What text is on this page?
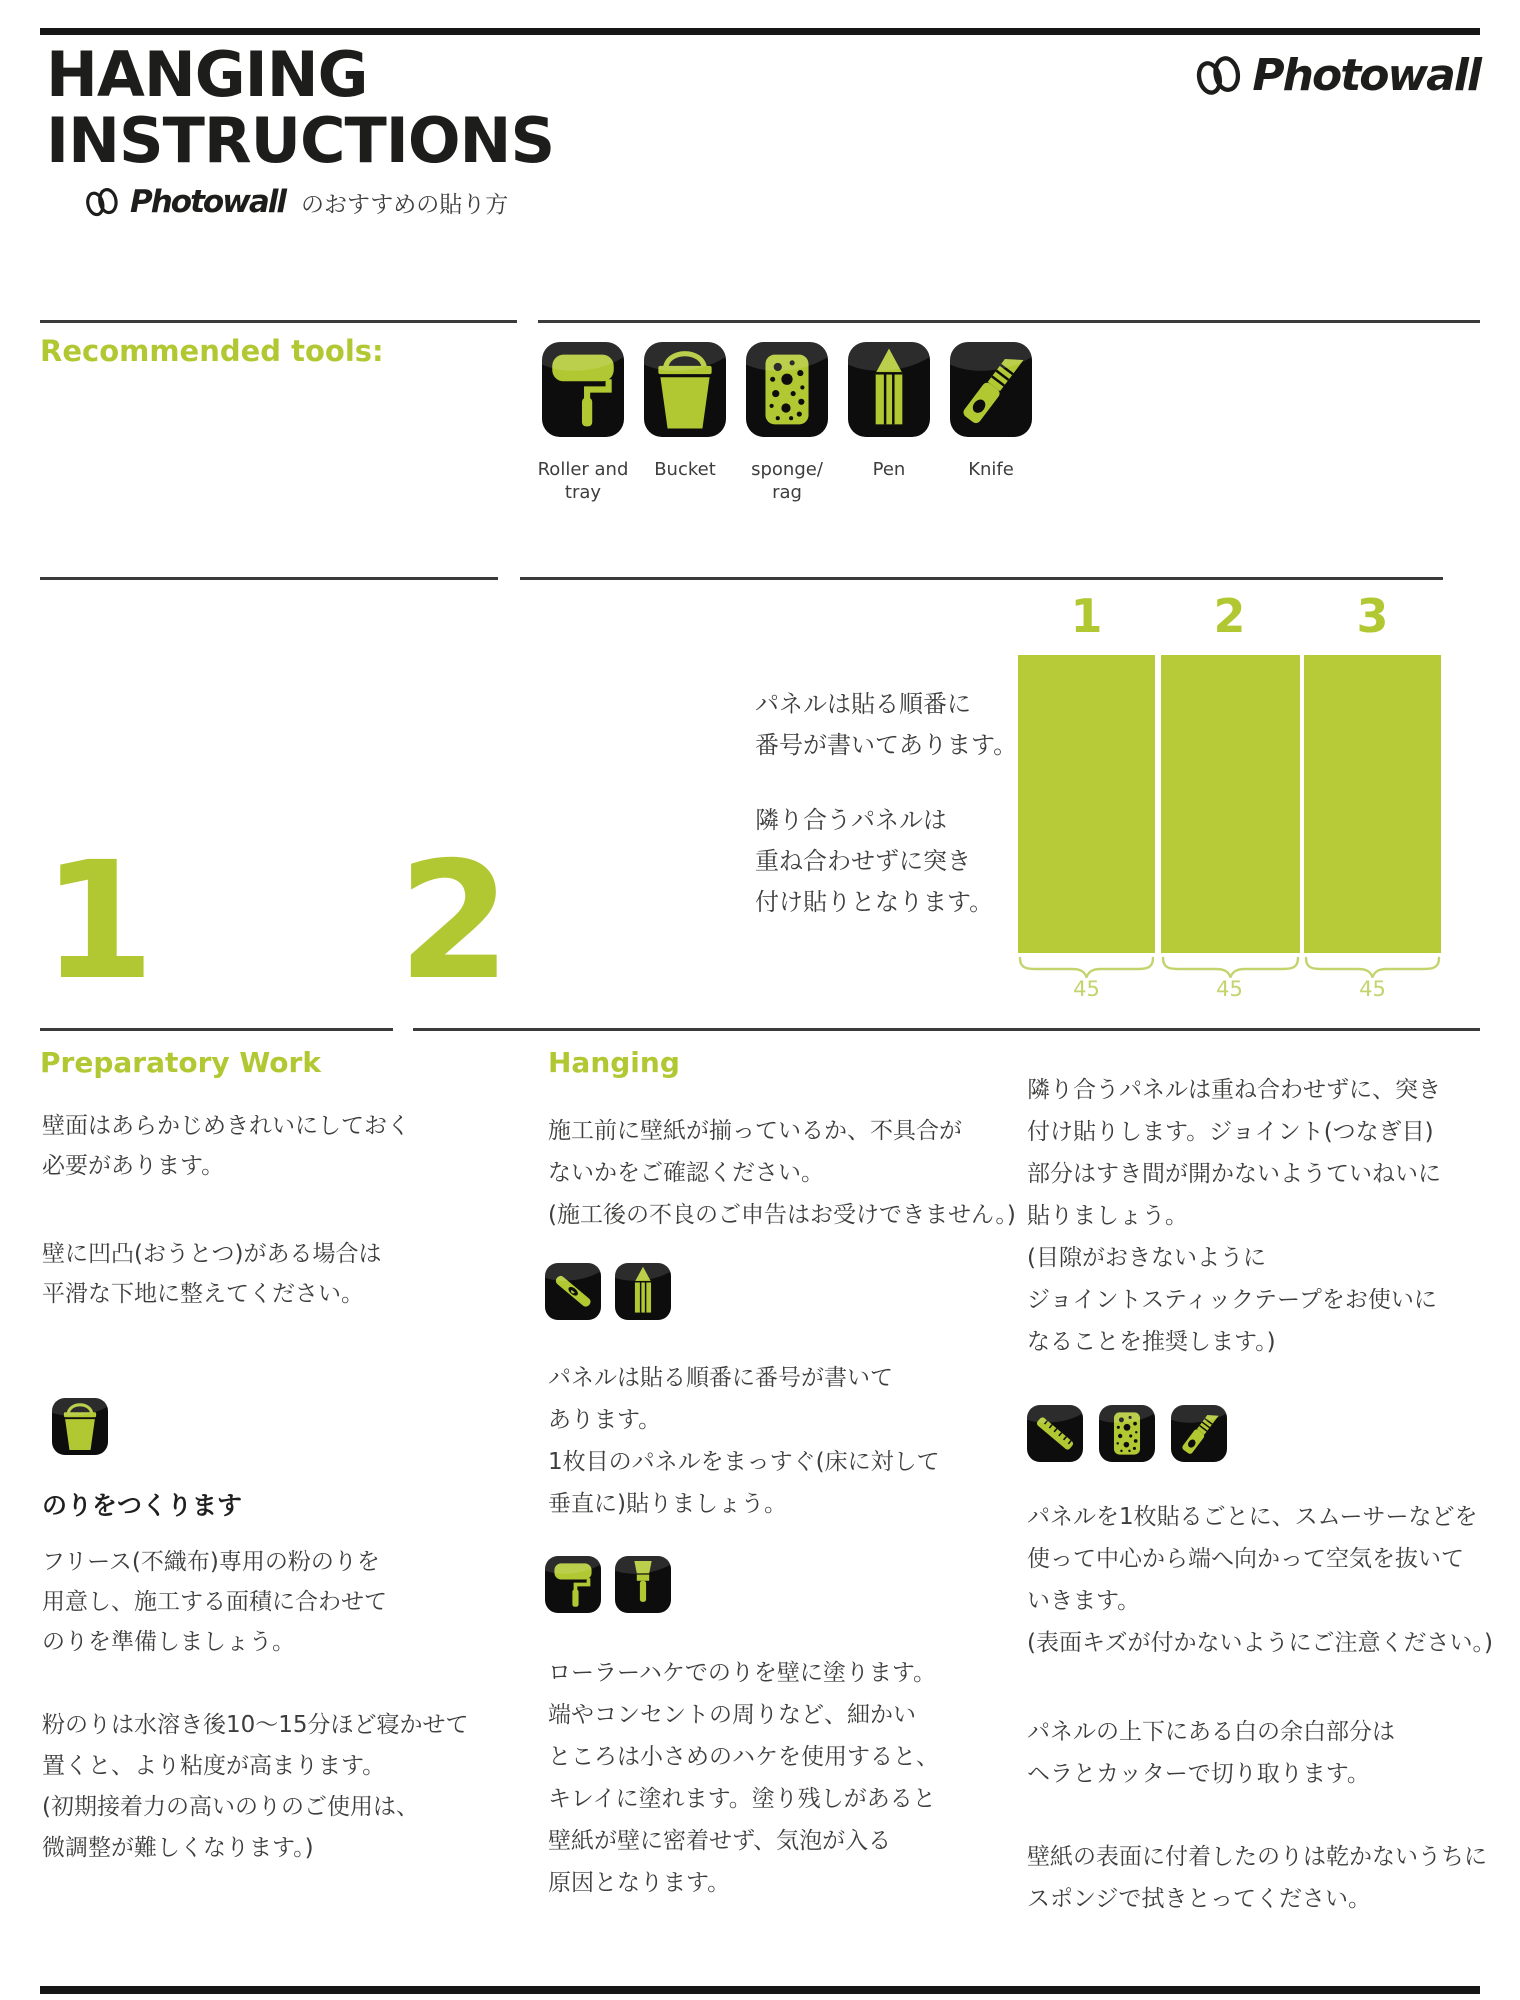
HANGING
INSTRUCTIONS
Photowall
Photowall のおすすめの貼り方
Recommended tools:
Roller and
tray
Bucket	sponge/
rag
Pen	Knife
1 2
パネルは貼る順番に
番号が書いてあります。
隣り合うパネルは
重ね合わせずに突き
付け貼りとなります。
1	2	3
45	45	45
Preparatory Work
壁面はあらかじめきれいにしておく
必要があります。
壁に凹凸(おうとつ)がある場合は
平滑な下地に整えてください。
のりをつくります
フリース(不織布)専用の粉のりを
用意し、施工する面積に合わせて
のりを準備しましょう。
粉のりは水溶き後10〜15分ほど寝かせて
置くと、より粘度が高まります。
(初期接着力の高いのりのご使用は、
微調整が難しくなります。)
Hanging
施工前に壁紙が揃っているか、不具合が
ないかをご確認ください。
(施工後の不良のご申告はお受けできません。)
パネルは貼る順番に番号が書いて
あります。
1枚目のパネルをまっすぐ(床に対して
垂直に)貼りましょう。
ローラーハケでのりを壁に塗ります。
端やコンセントの周りなど、細かい
ところは小さめのハケを使用すると、
キレイに塗れます。塗り残しがあると
壁紙が壁に密着せず、気泡が入る
原因となります。
隣り合うパネルは重ね合わせずに、突き
付け貼りします。ジョイント(つなぎ目)
部分はすき間が開かないようていねいに
貼りましょう。
(目隙がおきないように
ジョイントスティックテープをお使いに
なることを推奨します。)
パネルを1枚貼るごとに、スムーサーなどを
使って中心から端へ向かって空気を抜いて
いきます。
(表面キズが付かないようにご注意ください。)
パネルの上下にある白の余白部分は
ヘラとカッターで切り取ります。
壁紙の表面に付着したのりは乾かないうちに
スポンジで拭きとってください。
